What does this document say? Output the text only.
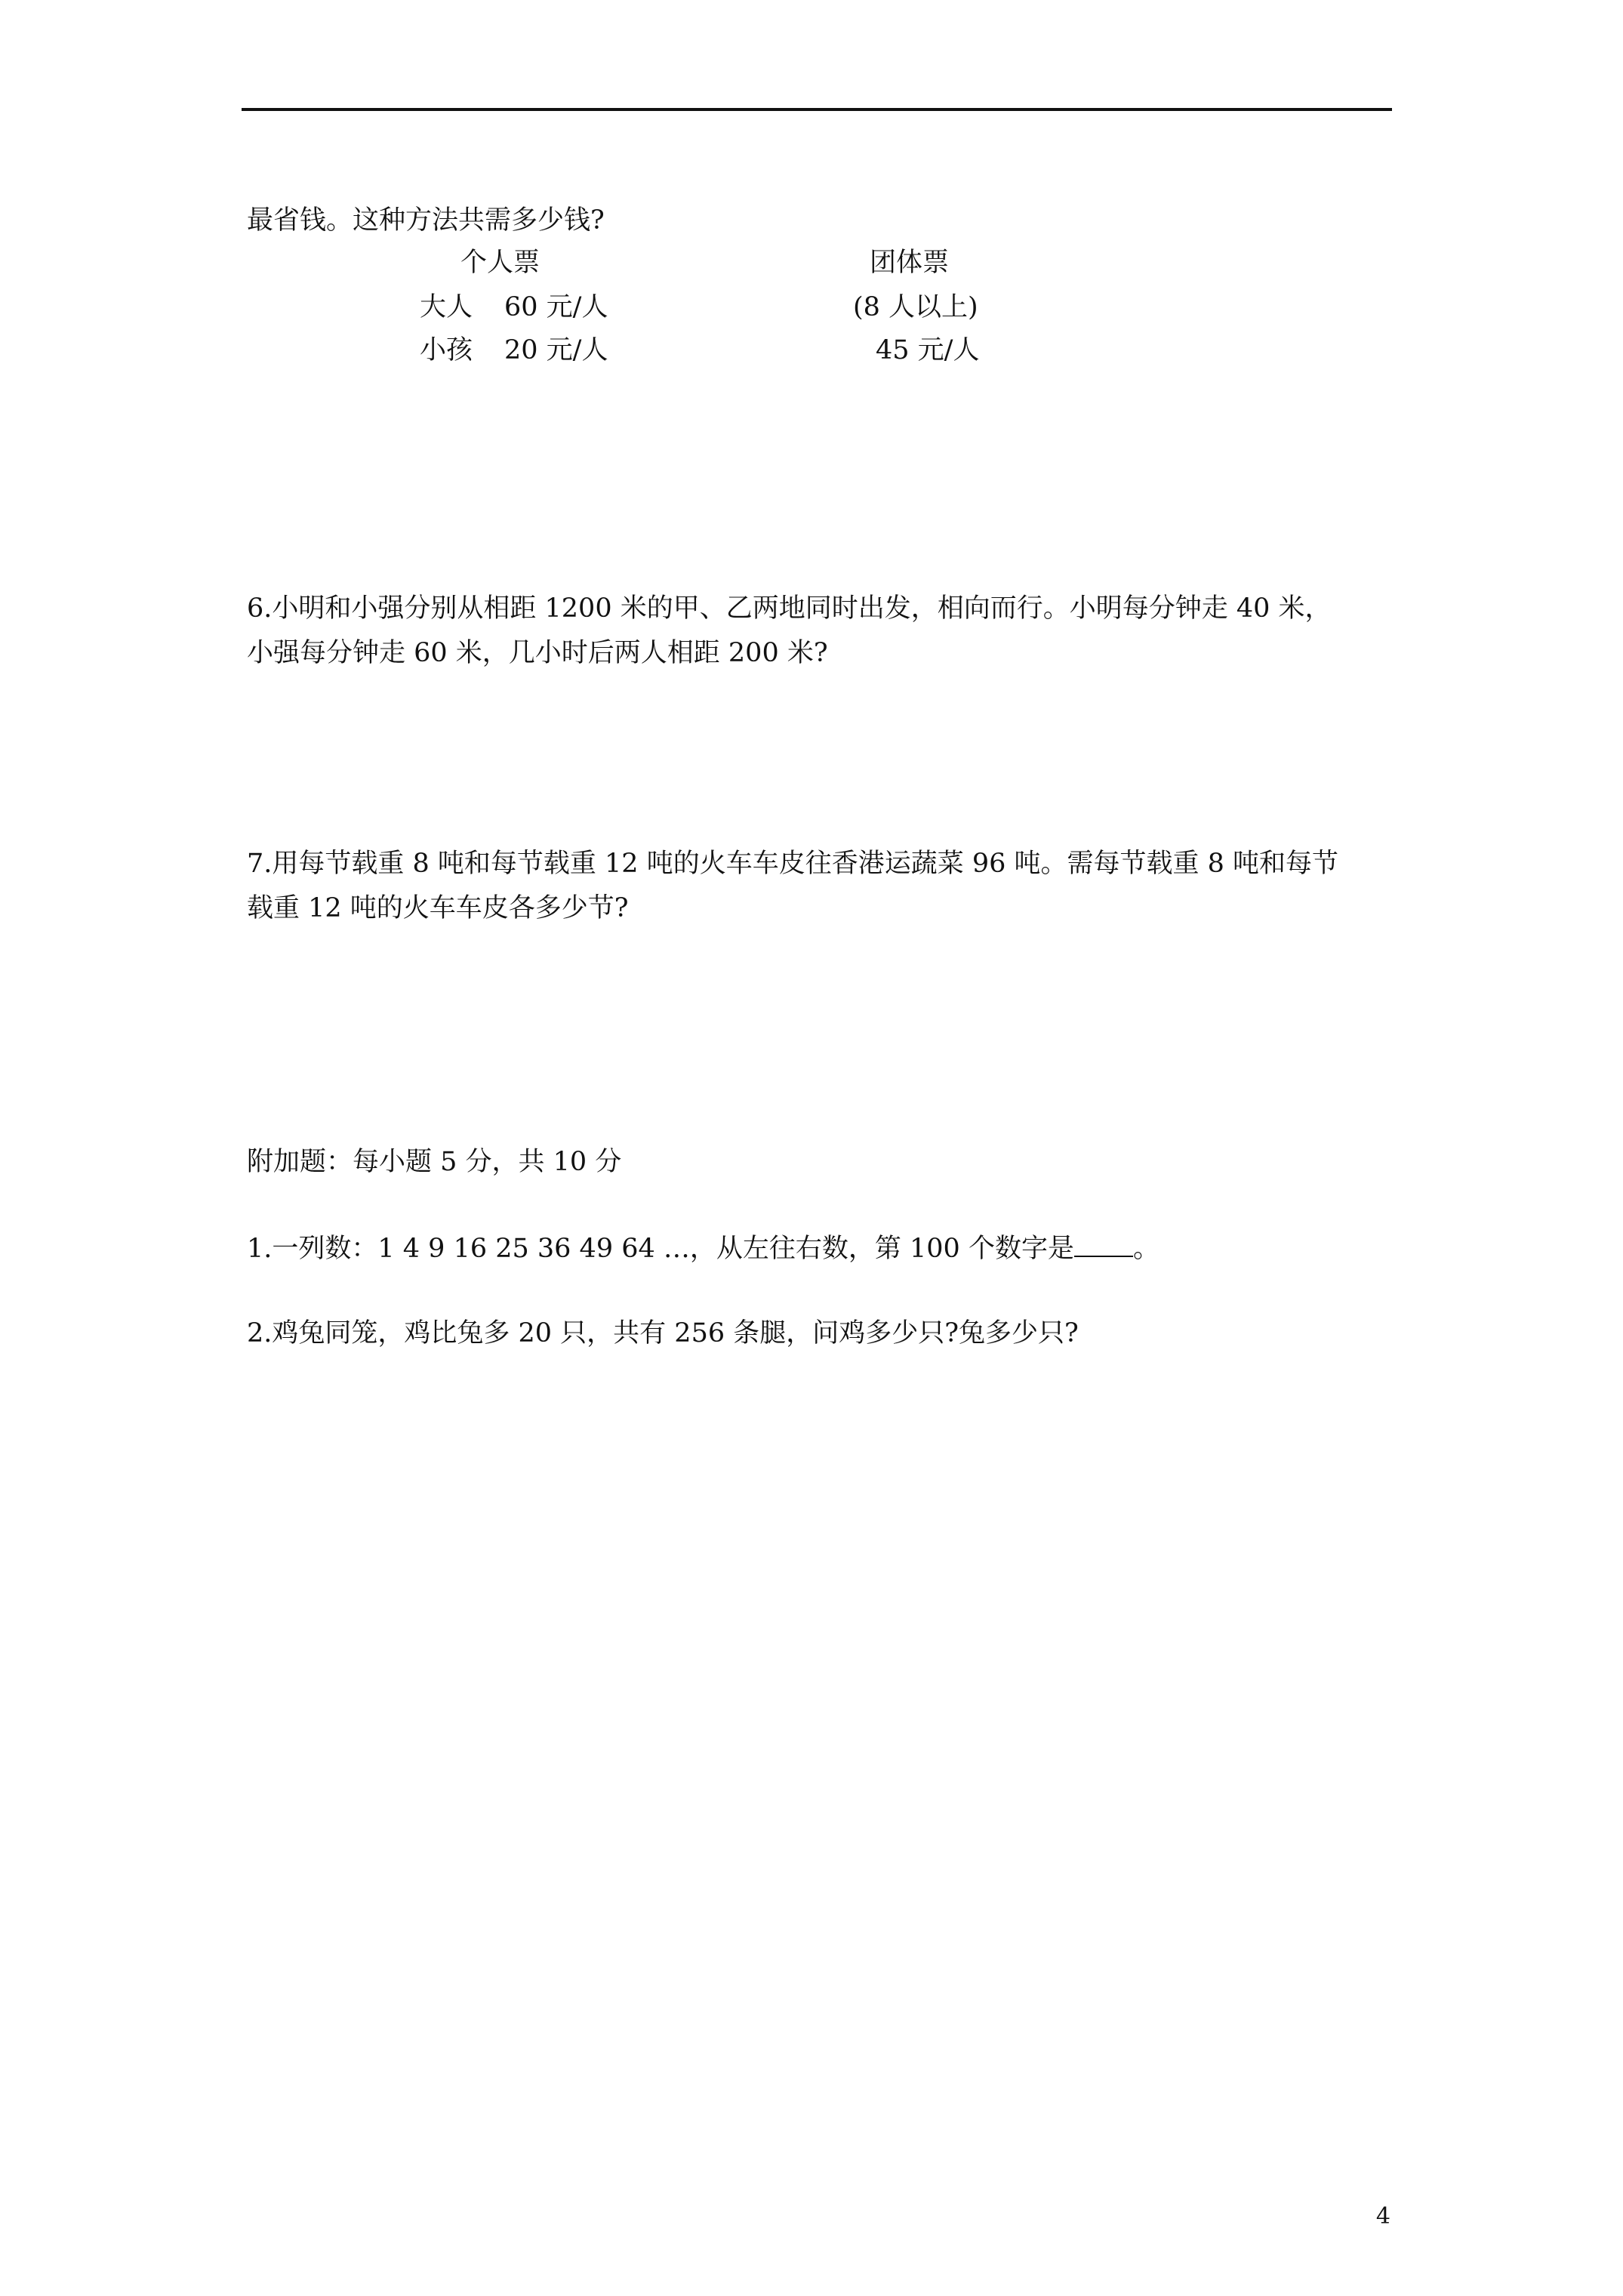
最省钱。这种方法共需多少钱?
个人票	团体票
大人 60 元/人	(8 人以上)
小孩 20 元/人	45 元/人
6.小明和小强分别从相距 1200 米的甲、乙两地同时出发，相向而行。小明每分钟走 40 米，
小强每分钟走 60 米，几小时后两人相距 200 米?
7.用每节载重 8 吨和每节载重 12 吨的火车车皮往香港运蔬菜 96 吨。需每节载重 8 吨和每节
载重 12 吨的火车车皮各多少节?
附加题：每小题 5 分，共 10 分
1.一列数：1 4 9 16 25 36 49 64 …，从左往右数，第 100 个数字是 。
2.鸡兔同笼，鸡比兔多 20 只，共有 256 条腿，问鸡多少只?兔多少只?
4
